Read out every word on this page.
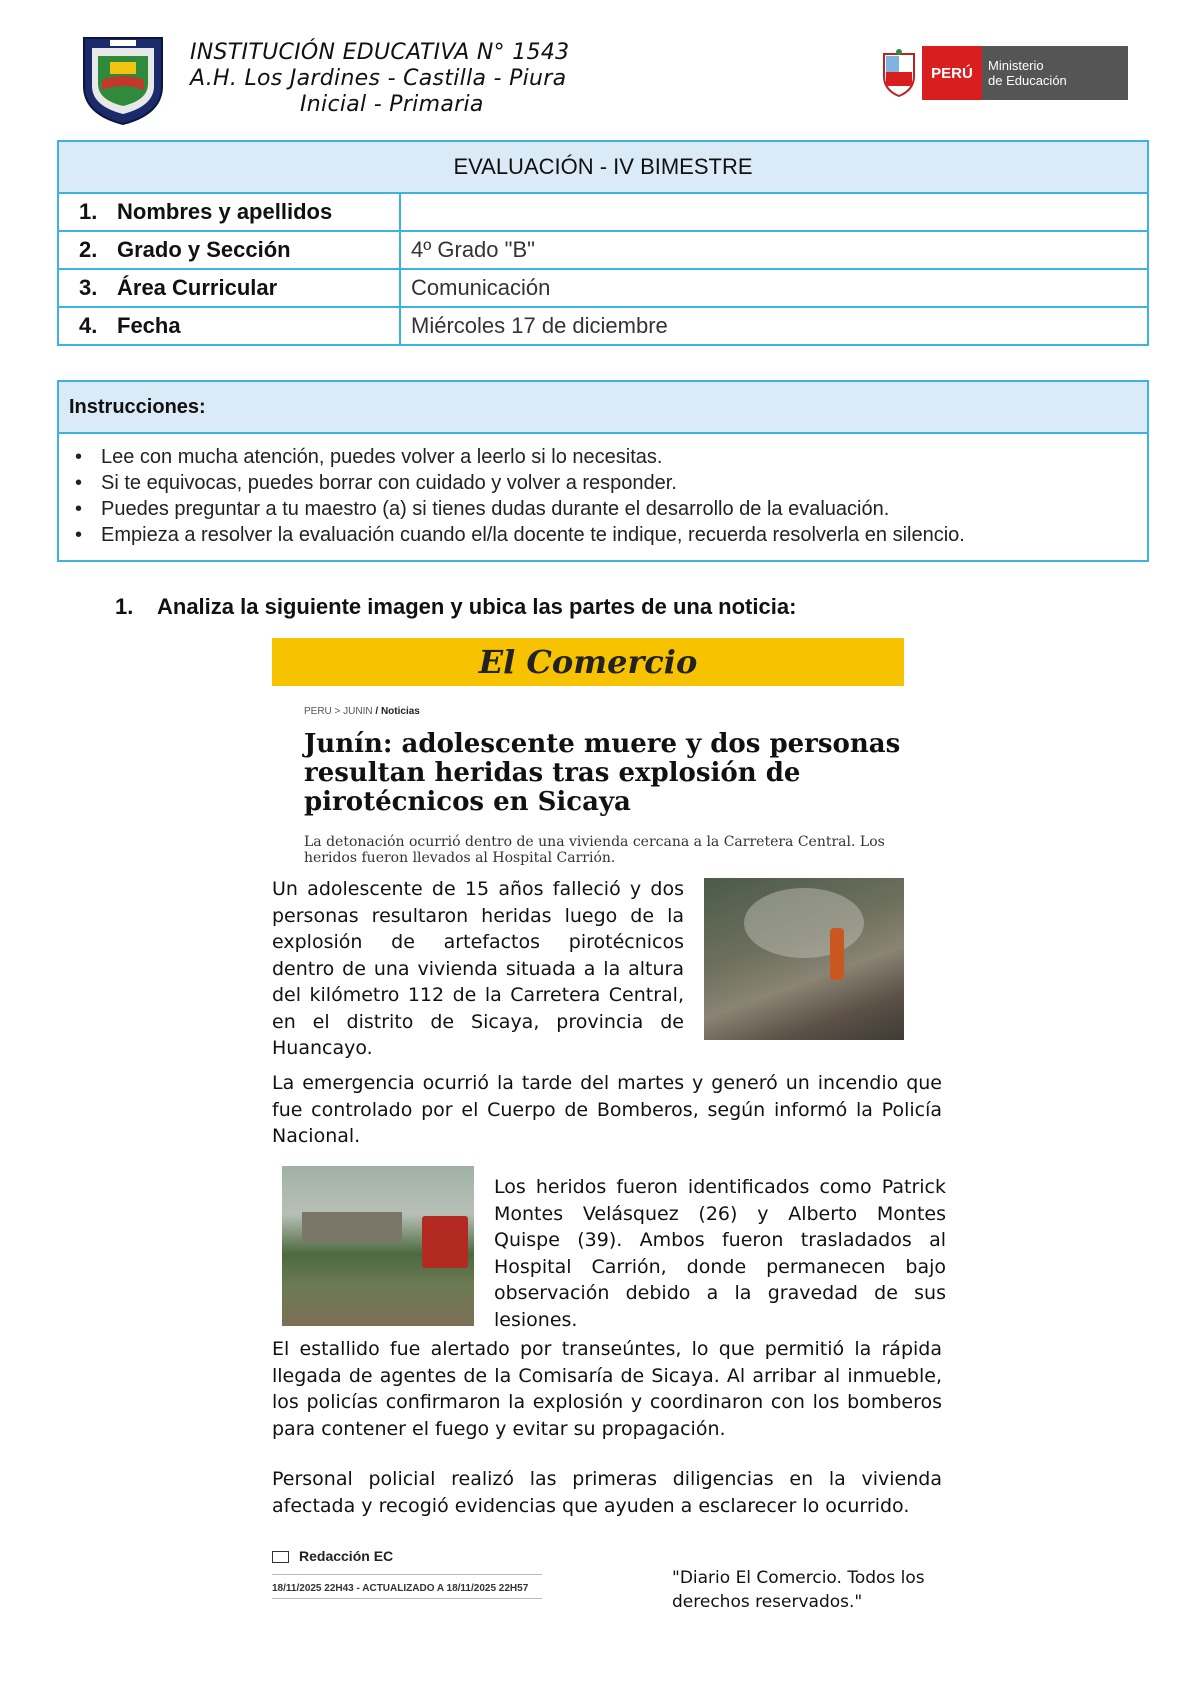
INSTITUCIÓN EDUCATIVA N° 1543
A.H. Los Jardines - Castilla - Piura
Inicial - Primaria
PERÚ	Ministerio
de Educación
EVALUACIÓN - IV BIMESTRE	
1. Nombres y apellidos	
2. Grado y Sección	4º Grado "B"
3. Área Curricular	Comunicación
4. Fecha	Miércoles 17 de diciembre
Instrucciones:
• Lee con mucha atención, puedes volver a leerlo si lo necesitas.
• Si te equivocas, puedes borrar con cuidado y volver a responder.
• Puedes preguntar a tu maestro (a) si tienes dudas durante el desarrollo de la evaluación.
• Empieza a resolver la evaluación cuando el/la docente te indique, recuerda resolverla en silencio.
1. Analiza la siguiente imagen y ubica las partes de una noticia:
El Comercio
PERU > JUNIN / Noticias
Junín: adolescente muere y dos personas resultan heridas tras explosión de pirotécnicos en Sicaya
La detonación ocurrió dentro de una vivienda cercana a la Carretera Central. Los heridos fueron llevados al Hospital Carrión.
Un adolescente de 15 años falleció y dos personas resultaron heridas luego de la explosión de artefactos pirotécnicos dentro de una vivienda situada a la altura del kilómetro 112 de la Carretera Central, en el distrito de Sicaya, provincia de Huancayo.
La emergencia ocurrió la tarde del martes y generó un incendio que fue controlado por el Cuerpo de Bomberos, según informó la Policía Nacional.
Los heridos fueron identificados como Patrick Montes Velásquez (26) y Alberto Montes Quispe (39). Ambos fueron trasladados al Hospital Carrión, donde permanecen bajo observación debido a la gravedad de sus lesiones.
El estallido fue alertado por transeúntes, lo que permitió la rápida llegada de agentes de la Comisaría de Sicaya. Al arribar al inmueble, los policías confirmaron la explosión y coordinaron con los bomberos para contener el fuego y evitar su propagación.
Personal policial realizó las primeras diligencias en la vivienda afectada y recogió evidencias que ayuden a esclarecer lo ocurrido.
Redacción EC
18/11/2025 22H43 - ACTUALIZADO A 18/11/2025 22H57
"Diario El Comercio. Todos los derechos reservados."
